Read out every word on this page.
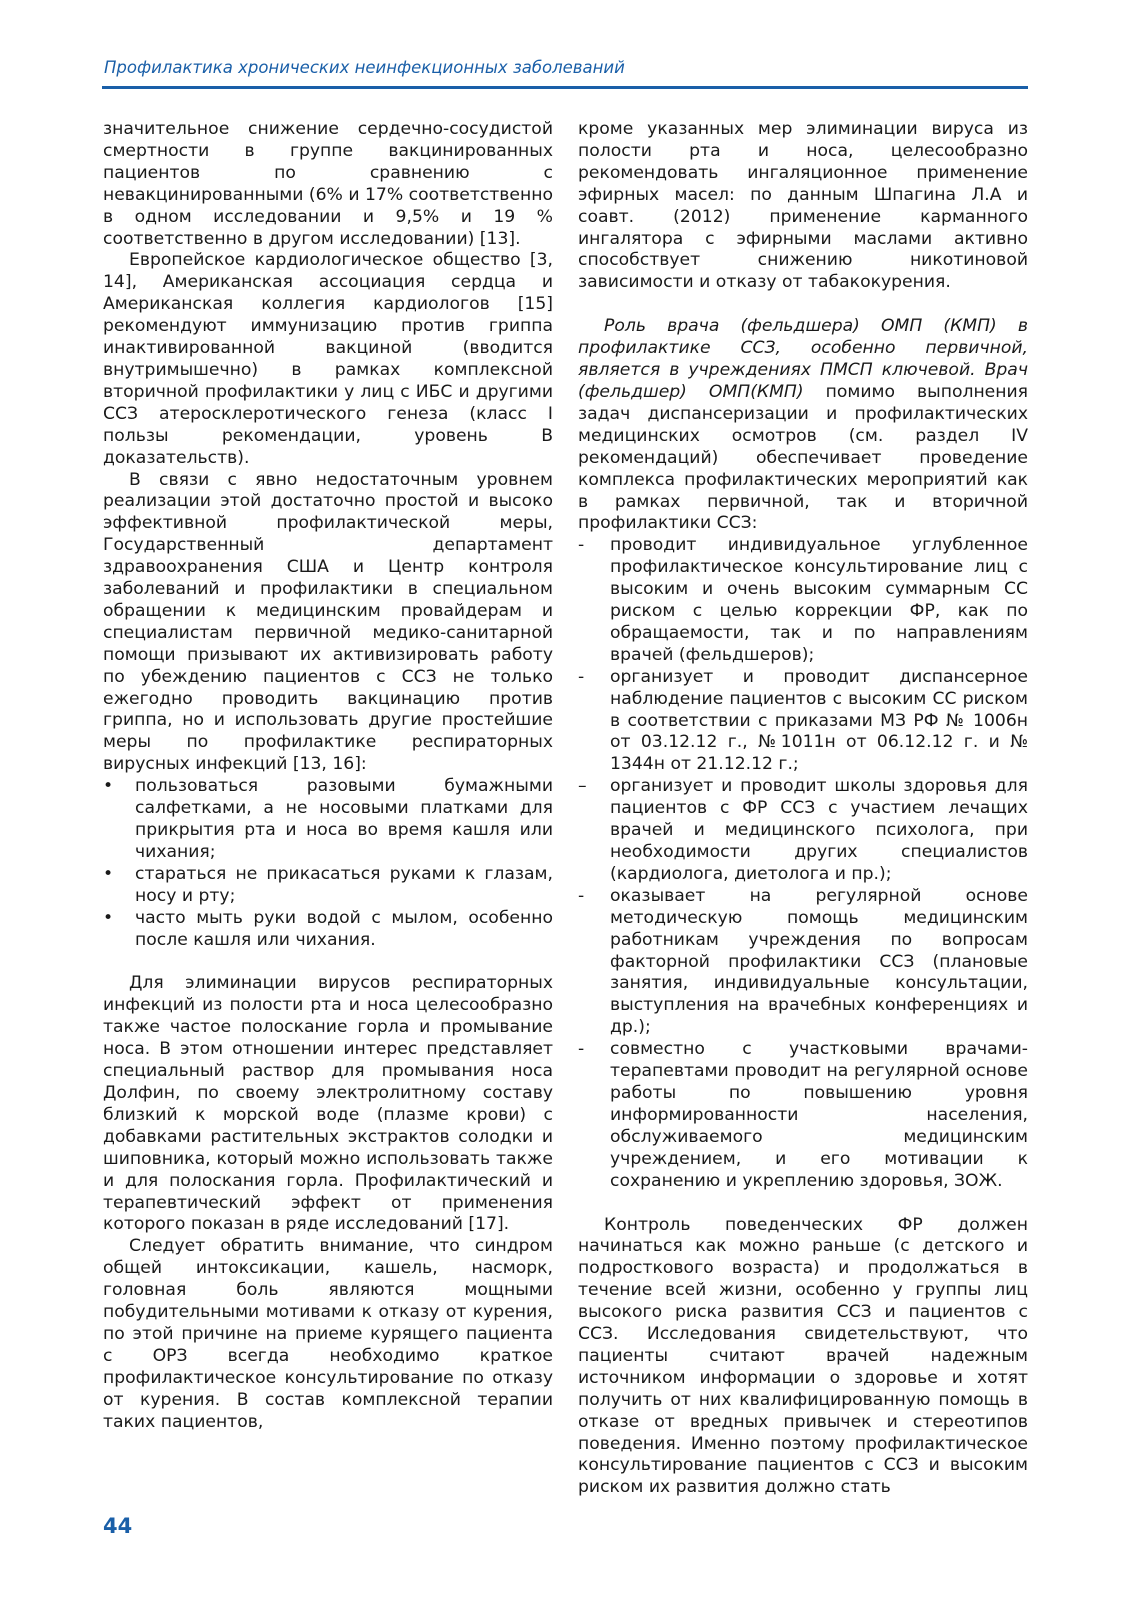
Профилактика хронических неинфекционных заболеваний

значительное снижение сердечно-сосудистой смертности в группе вакцинированных пациентов по сравнению с невакцинированными (6% и 17% соответственно в одном исследовании и 9,5% и 19 % соответственно в другом исследовании) [13].

Европейское кардиологическое общество [3, 14], Американская ассоциация сердца и Американская коллегия кардиологов [15] рекомендуют иммунизацию против гриппа инактивированной вакциной (вводится внутримышечно) в рамках комплексной вторичной профилактики у лиц с ИБС и другими ССЗ атеросклеротического генеза (класс I пользы рекомендации, уровень В доказательств).

В связи с явно недостаточным уровнем реализации этой достаточно простой и высоко эффективной профилактической меры, Государственный департамент здравоохранения США и Центр контроля заболеваний и профилактики в специальном обращении к медицинским провайдерам и специалистам первичной медико-санитарной помощи призывают их активизировать работу по убеждению пациентов с ССЗ не только ежегодно проводить вакцинацию против гриппа, но и использовать другие простейшие меры по профилактике респираторных вирусных инфекций [13, 16]:

•	пользоваться разовыми бумажными салфетками, а не носовыми платками для прикрытия рта и носа во время кашля или чихания;
•	стараться не прикасаться руками к глазам, носу и рту;
•	часто мыть руки водой с мылом, особенно после кашля или чихания.

Для элиминации вирусов респираторных инфекций из полости рта и носа целесообразно также частое полоскание горла и промывание носа. В этом отношении интерес представляет специальный раствор для промывания носа Долфин, по своему электролитному составу близкий к морской воде (плазме крови) с добавками растительных экстрактов солодки и шиповника, который можно использовать также и для полоскания горла. Профилактический и терапевтический эффект от применения которого показан в ряде исследований [17].

Следует обратить внимание, что синдром общей интоксикации, кашель, насморк, головная боль являются мощными побудительными мотивами к отказу от курения, по этой причине на приеме курящего пациента с ОРЗ всегда необходимо краткое профилактическое консультирование по отказу от курения. В состав комплексной терапии таких пациентов,

кроме указанных мер элиминации вируса из полости рта и носа, целесообразно рекомендовать ингаляционное применение эфирных масел: по данным Шпагина Л.А и соавт. (2012) применение карманного ингалятора с эфирными маслами активно способствует снижению никотиновой зависимости и отказу от табакокурения.

Роль врача (фельдшера) ОМП (КМП) в профилактике ССЗ, особенно первичной, является в учреждениях ПМСП ключевой. Врач (фельдшер) ОМП(КМП) помимо выполнения задач диспансеризации и профилактических медицинских осмотров (см. раздел IV рекомендаций) обеспечивает проведение комплекса профилактических мероприятий как в рамках первичной, так и вторичной профилактики ССЗ:

-	проводит индивидуальное углубленное профилактическое консультирование лиц с высоким и очень высоким суммарным СС риском с целью коррекции ФР, как по обращаемости, так и по направлениям врачей (фельдшеров);
-	организует и проводит диспансерное наблюдение пациентов с высоким СС риском в соответствии с приказами МЗ РФ № 1006н от 03.12.12 г., №1011н от 06.12.12 г. и № 1344н от 21.12.12 г.;
–	организует и проводит школы здоровья для пациентов с ФР ССЗ с участием лечащих врачей и медицинского психолога, при необходимости других специалистов (кардиолога, диетолога и пр.);
-	оказывает на регулярной основе методическую помощь медицинским работникам учреждения по вопросам факторной профилактики ССЗ (плановые занятия, индивидуальные консультации, выступления на врачебных конференциях и др.);
-	совместно с участковыми врачами-терапевтами проводит на регулярной основе работы по повышению уровня информированности населения, обслуживаемого медицинским учреждением, и его мотивации к сохранению и укреплению здоровья, ЗОЖ.

Контроль поведенческих ФР должен начинаться как можно раньше (с детского и подросткового возраста) и продолжаться в течение всей жизни, особенно у группы лиц высокого риска развития ССЗ и пациентов с ССЗ. Исследования свидетельствуют, что пациенты считают врачей надежным источником информации о здоровье и хотят получить от них квалифицированную помощь в отказе от вредных привычек и стереотипов поведения. Именно поэтому профилактическое консультирование пациентов с ССЗ и высоким риском их развития должно стать

44
